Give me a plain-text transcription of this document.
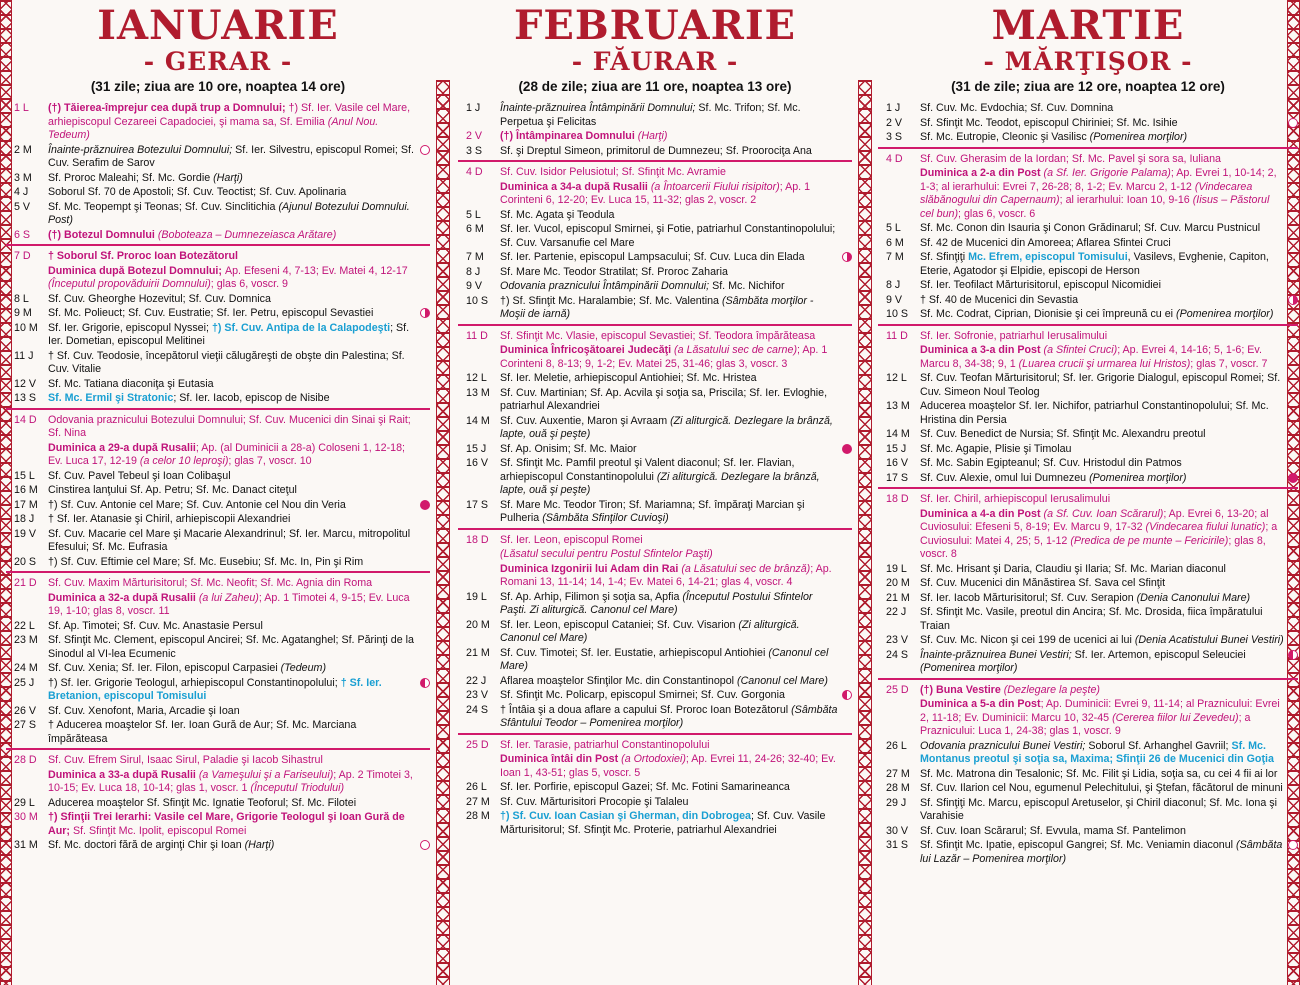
IANUARIE
- GERAR -
(31 zile; ziua are 10 ore, noaptea 14 ore)
1 L	(†) Tăierea-împrejur cea după trup a Domnului; †) Sf. Ier. Vasile cel Mare, arhiepiscopul Cezareei Capadociei, şi mama sa, Sf. Emilia (Anul Nou. Tedeum)
2 M	Înainte-prăznuirea Botezului Domnului; Sf. Ier. Silvestru, episcopul Romei; Sf. Cuv. Serafim de Sarov
3 M	Sf. Proroc Maleahi; Sf. Mc. Gordie (Harţi)
4 J	Soborul Sf. 70 de Apostoli; Sf. Cuv. Teoctist; Sf. Cuv. Apolinaria
5 V	Sf. Mc. Teopempt şi Teonas; Sf. Cuv. Sinclitichia (Ajunul Botezului Domnului. Post)
6 S	(†) Botezul Domnului (Boboteaza – Dumnezeiasca Arătare)
7 D	† Soborul Sf. Proroc Ioan Botezătorul
Duminica după Botezul Domnului; Ap. Efeseni 4, 7-13; Ev. Matei 4, 12-17 (Începutul propovăduirii Domnului); glas 6, voscr. 9
8 L	Sf. Cuv. Gheorghe Hozevitul; Sf. Cuv. Domnica
9 M	Sf. Mc. Polieuct; Sf. Cuv. Eustratie; Sf. Ier. Petru, episcopul Sevastiei
10 M Sf. Ier. Grigorie, episcopul Nyssei; †) Sf. Cuv. Antipa de la Calapodeşti; Sf. Ier. Dometian, episcopul Melitinei
11 J	† Sf. Cuv. Teodosie, începătorul vieţii călugăreşti de obşte din Palestina; Sf. Cuv. Vitalie
12 V	Sf. Mc. Tatiana diaconiţa şi Eutasia
13 S	Sf. Mc. Ermil şi Stratonic; Sf. Ier. Iacob, episcop de Nisibe
14 D	Odovania praznicului Botezului Domnului; Sf. Cuv. Mucenici din Sinai şi Rait; Sf. Nina
Duminica a 29-a după Rusalii; Ap. (al Duminicii a 28-a) Coloseni 1, 12-18; Ev. Luca 17, 12-19 (a celor 10 leproşi); glas 7, voscr. 10
15 L	Sf. Cuv. Pavel Tebeul şi Ioan Colibaşul
16 M Cinstirea lanţului Sf. Ap. Petru; Sf. Mc. Danact citeţul
17 M †) Sf. Cuv. Antonie cel Mare; Sf. Cuv. Antonie cel Nou din Veria
18 J	† Sf. Ier. Atanasie şi Chiril, arhiepiscopii Alexandriei
19 V	Sf. Cuv. Macarie cel Mare şi Macarie Alexandrinul; Sf. Ier. Marcu, mitropolitul Efesului; Sf. Mc. Eufrasia
20 S	†) Sf. Cuv. Eftimie cel Mare; Sf. Mc. Eusebiu; Sf. Mc. In, Pin şi Rim
21 D	Sf. Cuv. Maxim Mărturisitorul; Sf. Mc. Neofit; Sf. Mc. Agnia din Roma
Duminica a 32-a după Rusalii (a lui Zaheu); Ap. 1 Timotei 4, 9-15; Ev. Luca 19, 1-10; glas 8, voscr. 11
22 L	Sf. Ap. Timotei; Sf. Cuv. Mc. Anastasie Persul
23 M Sf. Sfinţit Mc. Clement, episcopul Ancirei; Sf. Mc. Agatanghel; Sf. Părinţi de la Sinodul al VI-lea Ecumenic
24 M Sf. Cuv. Xenia; Sf. Ier. Filon, episcopul Carpasiei (Tedeum)
25 J	†) Sf. Ier. Grigorie Teologul, arhiepiscopul Constantinopolului; † Sf. Ier. Bretanion, episcopul Tomisului
26 V	Sf. Cuv. Xenofont, Maria, Arcadie şi Ioan
27 S	† Aducerea moaştelor Sf. Ier. Ioan Gură de Aur; Sf. Mc. Marciana împărăteasa
28 D	Sf. Cuv. Efrem Sirul, Isaac Sirul, Paladie şi Iacob Sihastrul
Duminica a 33-a după Rusalii (a Vameşului şi a Fariseului); Ap. 2 Timotei 3, 10-15; Ev. Luca 18, 10-14; glas 1, voscr. 1 (Începutul Triodului)
29 L	Aducerea moaştelor Sf. Sfinţit Mc. Ignatie Teoforul; Sf. Mc. Filotei
30 M †) Sfinţii Trei Ierarhi: Vasile cel Mare, Grigorie Teologul şi Ioan Gură de Aur; Sf. Sfinţit Mc. Ipolit, episcopul Romei
31 M Sf. Mc. doctori fără de arginţi Chir şi Ioan (Harţi)
FEBRUARIE
- FĂURAR -
(28 de zile; ziua are 11 ore, noaptea 13 ore)
1 J	Înainte-prăznuirea Întâmpinării Domnului; Sf. Mc. Trifon; Sf. Mc. Perpetua şi Felicitas
2 V	(†) Întâmpinarea Domnului (Harţi)
3 S	Sf. şi Dreptul Simeon, primitorul de Dumnezeu; Sf. Proorociţa Ana
4 D	Sf. Cuv. Isidor Pelusiotul; Sf. Sfinţit Mc. Avramie
Duminica a 34-a după Rusalii (a Întoarcerii Fiului risipitor); Ap. 1 Corinteni 6, 12-20; Ev. Luca 15, 11-32; glas 2, voscr. 2
5 L	Sf. Mc. Agata şi Teodula
6 M	Sf. Ier. Vucol, episcopul Smirnei, şi Fotie, patriarhul Constantinopolului; Sf. Cuv. Varsanufie cel Mare
7 M	Sf. Ier. Partenie, episcopul Lampsacului; Sf. Cuv. Luca din Elada
8 J	Sf. Mare Mc. Teodor Stratilat; Sf. Proroc Zaharia
9 V	Odovania praznicului Întâmpinării Domnului; Sf. Mc. Nichifor
10 S	†) Sf. Sfinţit Mc. Haralambie; Sf. Mc. Valentina (Sâmbăta morţilor - Moşii de iarnă)
11 D	Sf. Sfinţit Mc. Vlasie, episcopul Sevastiei; Sf. Teodora împărăteasa
Duminica Înfricoşătoarei Judecăţi (a Lăsatului sec de carne); Ap. 1 Corinteni 8, 8-13; 9, 1-2; Ev. Matei 25, 31-46; glas 3, voscr. 3
12 L	Sf. Ier. Meletie, arhiepiscopul Antiohiei; Sf. Mc. Hristea
13 M Sf. Cuv. Martinian; Sf. Ap. Acvila şi soţia sa, Priscila; Sf. Ier. Evloghie, patriarhul Alexandriei
14 M Sf. Cuv. Auxentie, Maron şi Avraam (Zi aliturgică. Dezlegare la brânză, lapte, ouă şi peşte)
15 J	Sf. Ap. Onisim; Sf. Mc. Maior
16 V	Sf. Sfinţit Mc. Pamfil preotul şi Valent diaconul; Sf. Ier. Flavian, arhiepiscopul Constantinopolului (Zi aliturgică. Dezlegare la brânză, lapte, ouă şi peşte)
17 S	Sf. Mare Mc. Teodor Tiron; Sf. Mariamna; Sf. împăraţi Marcian şi Pulheria (Sâmbăta Sfinţilor Cuvioşi)
18 D	Sf. Ier. Leon, episcopul Romei
(Lăsatul secului pentru Postul Sfintelor Paşti)
Duminica Izgonirii lui Adam din Rai (a Lăsatului sec de brânză); Ap. Romani 13, 11-14; 14, 1-4; Ev. Matei 6, 14-21; glas 4, voscr. 4
19 L	Sf. Ap. Arhip, Filimon şi soţia sa, Apfia (Începutul Postului Sfintelor Paşti. Zi aliturgică. Canonul cel Mare)
20 M Sf. Ier. Leon, episcopul Cataniei; Sf. Cuv. Visarion (Zi aliturgică. Canonul cel Mare)
21 M Sf. Cuv. Timotei; Sf. Ier. Eustatie, arhiepiscopul Antiohiei (Canonul cel Mare)
22 J	Aflarea moaştelor Sfinţilor Mc. din Constantinopol (Canonul cel Mare)
23 V	Sf. Sfinţit Mc. Policarp, episcopul Smirnei; Sf. Cuv. Gorgonia
24 S	† Întâia şi a doua aflare a capului Sf. Proroc Ioan Botezătorul (Sâmbăta Sfântului Teodor – Pomenirea morţilor)
25 D	Sf. Ier. Tarasie, patriarhul Constantinopolului
Duminica întâi din Post (a Ortodoxiei); Ap. Evrei 11, 24-26; 32-40; Ev. Ioan 1, 43-51; glas 5, voscr. 5
26 L	Sf. Ier. Porfirie, episcopul Gazei; Sf. Mc. Fotini Samarineanca
27 M Sf. Cuv. Mărturisitori Procopie şi Talaleu
28 M †) Sf. Cuv. Ioan Casian şi Gherman, din Dobrogea; Sf. Cuv. Vasile Mărturisitorul; Sf. Sfinţit Mc. Proterie, patriarhul Alexandriei
MARTIE
- MĂRŢIŞOR -
(31 de zile; ziua are 12 ore, noaptea 12 ore)
1 J	Sf. Cuv. Mc. Evdochia; Sf. Cuv. Domnina
2 V	Sf. Sfinţit Mc. Teodot, episcopul Chiriniei; Sf. Mc. Isihie
3 S	Sf. Mc. Eutropie, Cleonic şi Vasilisc (Pomenirea morţilor)
4 D	Sf. Cuv. Gherasim de la Iordan; Sf. Mc. Pavel şi sora sa, Iuliana
Duminica a 2-a din Post (a Sf. Ier. Grigorie Palama); Ap. Evrei 1, 10-14; 2, 1-3; al ierarhului: Evrei 7, 26-28; 8, 1-2; Ev. Marcu 2, 1-12 (Vindecarea slăbănogului din Capernaum); al ierarhului: Ioan 10, 9-16 (Iisus – Păstorul cel bun); glas 6, voscr. 6
5 L	Sf. Mc. Conon din Isauria şi Conon Grădinarul; Sf. Cuv. Marcu Pustnicul
6 M	Sf. 42 de Mucenici din Amoreea; Aflarea Sfintei Cruci
7 M	Sf. Sfinţiţi Mc. Efrem, episcopul Tomisului, Vasilevs, Evghenie, Capiton, Eterie, Agatodor şi Elpidie, episcopi de Herson
8 J	Sf. Ier. Teofilact Mărturisitorul, episcopul Nicomidiei
9 V	† Sf. 40 de Mucenici din Sevastia
10 S	Sf. Mc. Codrat, Ciprian, Dionisie şi cei împreună cu ei (Pomenirea morţilor)
11 D	Sf. Ier. Sofronie, patriarhul Ierusalimului
Duminica a 3-a din Post (a Sfintei Cruci); Ap. Evrei 4, 14-16; 5, 1-6; Ev. Marcu 8, 34-38; 9, 1 (Luarea crucii şi urmarea lui Hristos); glas 7, voscr. 7
12 L	Sf. Cuv. Teofan Mărturisitorul; Sf. Ier. Grigorie Dialogul, episcopul Romei; Sf. Cuv. Simeon Noul Teolog
13 M Aducerea moaştelor Sf. Ier. Nichifor, patriarhul Constantinopolului; Sf. Mc. Hristina din Persia
14 M Sf. Cuv. Benedict de Nursia; Sf. Sfinţit Mc. Alexandru preotul
15 J	Sf. Mc. Agapie, Plisie şi Timolau
16 V	Sf. Mc. Sabin Egipteanul; Sf. Cuv. Hristodul din Patmos
17 S	Sf. Cuv. Alexie, omul lui Dumnezeu (Pomenirea morţilor)
18 D	Sf. Ier. Chiril, arhiepiscopul Ierusalimului
Duminica a 4-a din Post (a Sf. Cuv. Ioan Scărarul); Ap. Evrei 6, 13-20; al Cuviosului: Efeseni 5, 8-19; Ev. Marcu 9, 17-32 (Vindecarea fiului lunatic); a Cuviosului: Matei 4, 25; 5, 1-12 (Predica de pe munte – Fericirile); glas 8, voscr. 8
19 L	Sf. Mc. Hrisant şi Daria, Claudiu şi Ilaria; Sf. Mc. Marian diaconul
20 M Sf. Cuv. Mucenici din Mănăstirea Sf. Sava cel Sfinţit
21 M Sf. Ier. Iacob Mărturisitorul; Sf. Cuv. Serapion (Denia Canonului Mare)
22 J	Sf. Sfinţit Mc. Vasile, preotul din Ancira; Sf. Mc. Drosida, fiica împăratului Traian
23 V	Sf. Cuv. Mc. Nicon şi cei 199 de ucenici ai lui (Denia Acatistului Bunei Vestiri)
24 S	Înainte-prăznuirea Bunei Vestiri; Sf. Ier. Artemon, episcopul Seleuciei (Pomenirea morţilor)
25 D	(†) Buna Vestire (Dezlegare la peşte)
Duminica a 5-a din Post; Ap. Duminicii: Evrei 9, 11-14; al Praznicului: Evrei 2, 11-18; Ev. Duminicii: Marcu 10, 32-45 (Cererea fiilor lui Zevedeu); a Praznicului: Luca 1, 24-38; glas 1, voscr. 9
26 L	Odovania praznicului Bunei Vestiri; Soborul Sf. Arhanghel Gavriil; Sf. Mc. Montanus preotul şi soţia sa, Maxima; Sfinţii 26 de Mucenici din Goţia
27 M Sf. Mc. Matrona din Tesalonic; Sf. Mc. Filit şi Lidia, soţia sa, cu cei 4 fii ai lor
28 M Sf. Cuv. Ilarion cel Nou, egumenul Pelechitului, şi Ştefan, făcătorul de minuni
29 J	Sf. Sfinţiţi Mc. Marcu, episcopul Aretuselor, şi Chiril diaconul; Sf. Mc. Iona şi Varahisie
30 V	Sf. Cuv. Ioan Scărarul; Sf. Evvula, mama Sf. Pantelimon
31 S	Sf. Sfinţit Mc. Ipatie, episcopul Gangrei; Sf. Mc. Veniamin diaconul (Sâmbăta lui Lazăr – Pomenirea morţilor)
